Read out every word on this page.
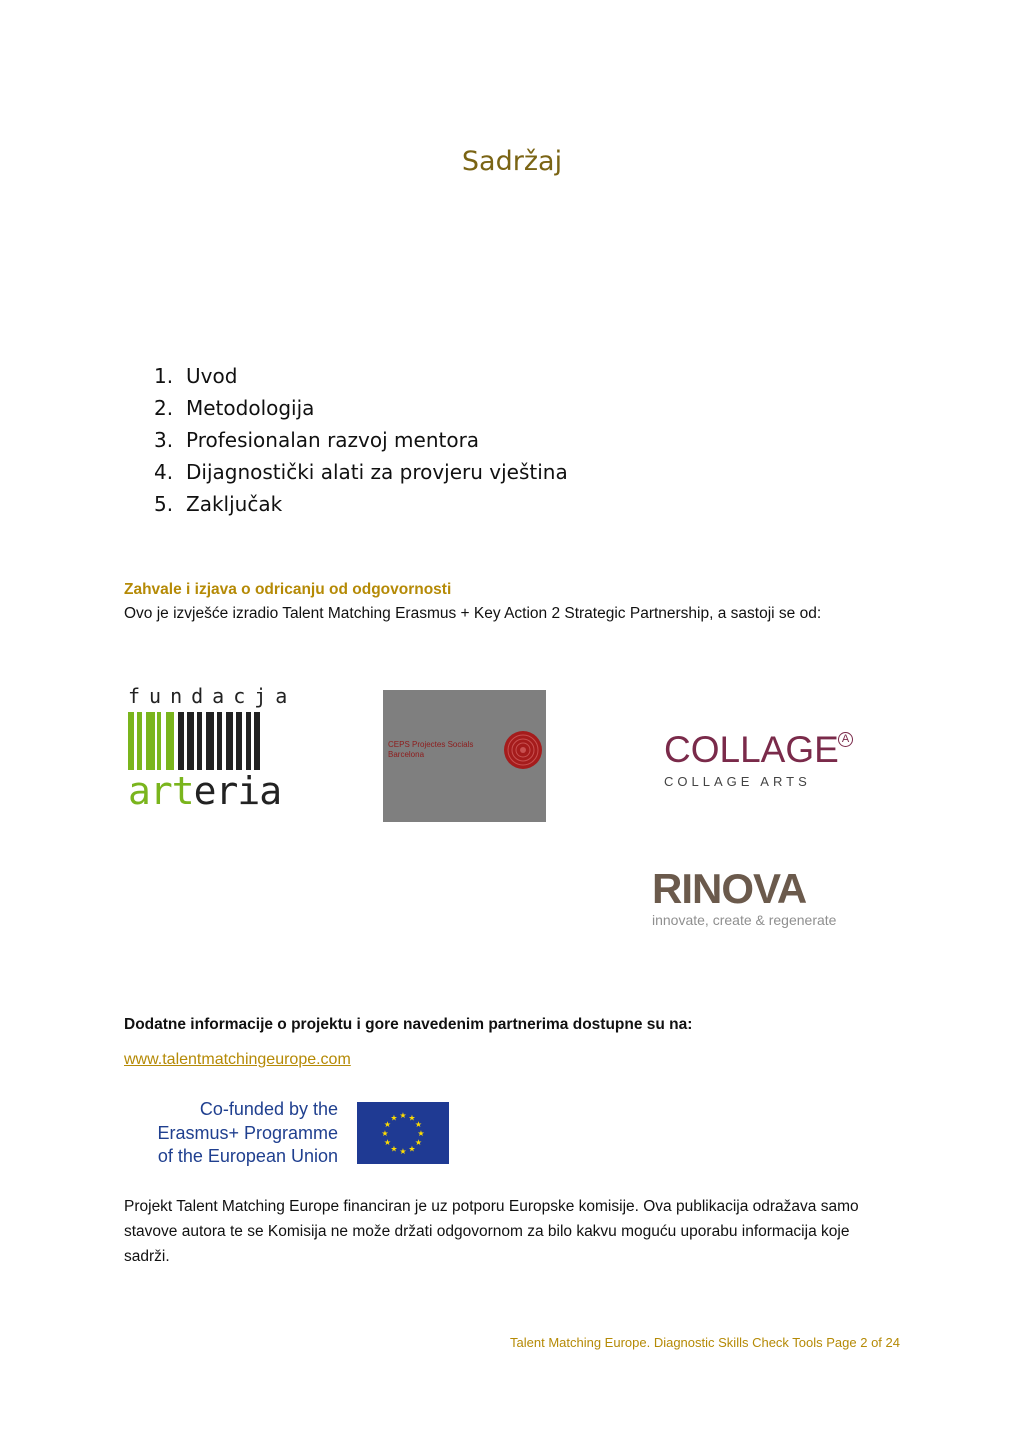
Sadržaj
1. Uvod
2. Metodologija
3. Profesionalan razvoj mentora
4. Dijagnostički alati za provjeru vještina
5. Zaključak
Zahvale i izjava o odricanju od odgovornosti
Ovo je izvješće izradio Talent Matching Erasmus + Key Action 2 Strategic Partnership, a sastoji se od:
fundacja
arteria
CEPS Projectes Socials Barcelona	COLLAGE A
COLLAGE ARTS
RINOVA
innovate, create & regenerate
Dodatne informacije o projektu i gore navedenim partnerima dostupne su na:
www.talentmatchingeurope.com
Co-funded by the
Erasmus+ Programme
of the European Union
★ ★
★
★
★
★
★
★
★
★
★
★
Projekt Talent Matching Europe financiran je uz potporu Europske komisije. Ova publikacija odražava samo stavove autora te se Komisija ne može držati odgovornom za bilo kakvu moguću uporabu informacija koje sadrži.
Talent Matching Europe. Diagnostic Skills Check Tools Page 2 of 24
